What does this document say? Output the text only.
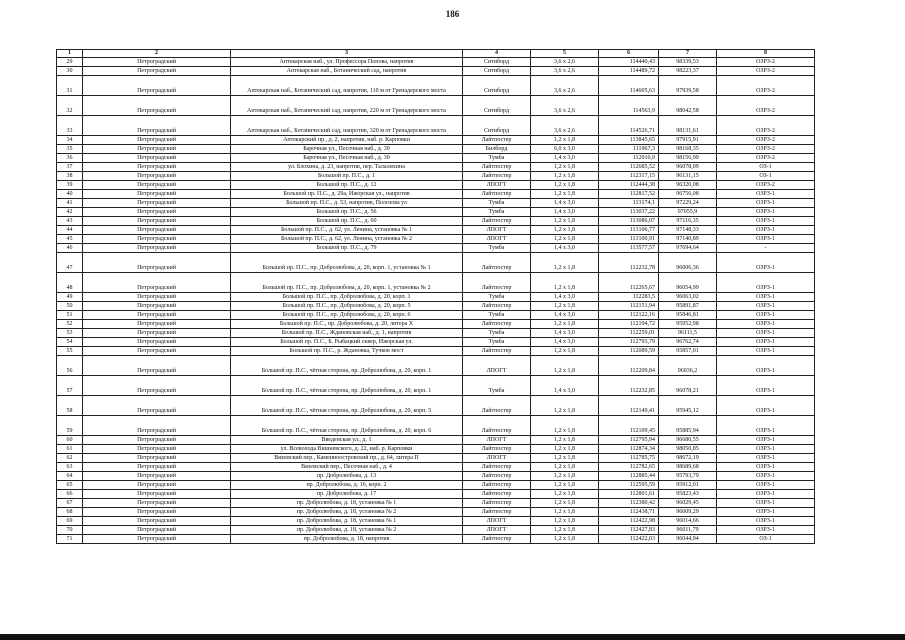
186
1	2	3	4	5	6	7	8
29	Петроградский	Аптекарская наб., ул. Профессора Попова, напротив	Ситиборд	3,6 x 2,6	114440,43	98339,53	ОЗРЗ-2
30	Петроградский	Аптекарская наб., Ботанический сад, напротив	Ситиборд	3,6 x 2,6	114489,72	98223,37	ОЗРЗ-2
31	Петроградский	Аптекарская наб., Ботанический сад, напротив, 110 м от Гренадерского моста	Ситиборд	3,6 x 2,6	114605,63	97939,58	ОЗРЗ-2
32	Петроградский	Аптекарская наб., Ботанический сад, напротив, 220 м от Гренадерского моста	Ситиборд	3,6 x 2,6	114563,9	98042,58	ОЗРЗ-2
33	Петроградский	Аптекарская наб., Ботанический сад, напротив, 320 м от Гренадерского моста	Ситиборд	3,6 x 2,6	114526,71	98131,61	ОЗРЗ-2
34	Петроградский	Аптекарский пр., д. 2, напротив, наб. р. Карповки	Лайтпостер	1,2 x 1,8	113845,65	97915,91	ОЗРЗ-2
35	Петроградский	Барочная ул., Песочная наб., д. 30	Билборд	6,0 x 3,0	111967,3	98168,35	ОЗРЗ-2
36	Петроградский	Барочная ул., Песочная наб., д. 30	Тумба	1,4 x 3,0	112010,9	98156,99	ОЗРЗ-2
37	Петроградский	ул. Блохина, д. 23, напротив, пер. Талалихина	Лайтпостер	1,2 x 1,8	112685,52	96078,09	ОЗ-1
38	Петроградский	Большой пр. П.С., д. 1	Лайтпостер	1,2 x 1,8	112317,15	96131,15	ОЗ-1
39	Петроградский	Большой пр. П.С., д. 12	ЛПОГТ	1,2 x 1,8	112444,38	96320,08	ОЗРЗ-2
40	Петроградский	Большой пр. П.С., д. 29а, Ижорская ул., напротив	Лайтпостер	1,2 x 1,8	112817,52	96756,08	ОЗРЗ-1
41	Петроградский	Большой пр. П.С., д. 53, напротив, Полозова ул	Тумба	1,4 x 3,0	113174,1	97229,24	ОЗРЗ-1
42	Петроградский	Большой пр. П.С., д. 56	Тумба	1,4 x 3,0	113037,22	97055,9	ОЗРЗ-1
43	Петроградский	Большой пр. П.С., д. 60	Лайтпостер	1,2 x 1,8	113086,07	97116,35	ОЗРЗ-1
44	Петроградский	Большой пр. П.С., д. 62, ул. Ленина, установка № 1	ЛПОГТ	1,2 x 1,8	113106,77	97148,33	ОЗРЗ-1
45	Петроградский	Большой пр. П.С., д. 62, ул. Ленина, установка № 2	ЛПОГТ	1,2 x 1,8	113100,91	97140,89	ОЗРЗ-1
46	Петроградский	Большой пр. П.С., д. 79	Тумба	1,4 x 3,0	113577,57	97694,64	-
47	Петроградский	Большой пр. П.С., пр. Добролюбова, д. 20, корп. 1, установка № 1	Лайтпостер	1,2 x 1,8	112232,78	96006,36	ОЗРЗ-1
48	Петроградский	Большой пр. П.С., пр. Добролюбова, д. 20, корп. 1, установка № 2	Лайтпостер	1,2 x 1,8	112265,67	96054,99	ОЗРЗ-1
49	Петроградский	Большой пр. П.С., пр. Добролюбова, д. 20, корп. 1	Тумба	1,4 x 3,0	112283,5	96063,02	ОЗРЗ-1
50	Петроградский	Большой пр. П.С., пр. Добролюбова, д. 20, корп. 5	Лайтпостер	1,2 x 1,8	112151,94	95891,87	ОЗРЗ-1
51	Петроградский	Большой пр. П.С., пр. Добролюбова, д. 20, корп. 6	Тумба	1,4 x 3,0	112122,16	95846,81	ОЗРЗ-1
52	Петроградский	Большой пр. П.С., пр. Добролюбова, д. 20, литера Х	Лайтпостер	1,2 x 1,8	112194,72	95952,98	ОЗРЗ-1
53	Петроградский	Большой пр. П.С., Ждановская наб., д. 1, напротив	Тумба	1,4 x 3,0	112259,01	96111,5	ОЗРЗ-1
54	Петроградский	Большой пр. П.С., Б. Рыбацкий сквер, Ижорская ул.	Тумба	1,4 x 3,0	112793,79	96762,74	ОЗРЗ-1
55	Петроградский	Большой пр. П.С., р. Ждановка, Тучков мост	Лайтпостер	1,2 x 1,8	112089,59	95857,01	ОЗРЗ-1
56	Петроградский	Большой пр. П.С., чётная сторона, пр. Добролюбова, д. 20, корп. 1	ЛПОГТ	1,2 x 1,8	112209,84	96036,2	ОЗРЗ-1
57	Петроградский	Большой пр. П.С., чётная сторона, пр. Добролюбова, д. 20, корп. 1	Тумба	1,4 x 3,0	112232,85	96078,21	ОЗРЗ-1
58	Петроградский	Большой пр. П.С., чётная сторона, пр. Добролюбова, д. 20, корп. 5	Лайтпостер	1,2 x 1,8	112149,41	95945,12	ОЗРЗ-1
59	Петроградский	Большой пр. П.С., чётная сторона, пр. Добролюбова, д. 20, корп. 6	Лайтпостер	1,2 x 1,8	112109,45	95885,94	ОЗРЗ-1
60	Петроградский	Введенская ул., д. 1	ЛПОГТ	1,2 x 1,8	112795,94	96680,55	ОЗРЗ-1
61	Петроградский	ул. Всеволода Вишневского, д. 22, наб. р. Карповки	Лайтпостер	1,2 x 1,8	112874,34	98050,85	ОЗРЗ-1
62	Петроградский	Вяземский пер., Каменноостровский пр., д. 64, литера П	ЛПОГТ	1,2 x 1,8	112785,75	98672,19	ОЗРЗ-1
63	Петроградский	Вяземский пер., Песочная наб., д. 4	Лайтпостер	1,2 x 1,8	112782,65	98689,68	ОЗРЗ-1
64	Петроградский	пр. Добролюбова, д. 13	Лайтпостер	1,2 x 1,8	112885,44	95793,79	ОЗРЗ-1
65	Петроградский	пр. Добролюбова, д. 16, корп. 2	Лайтпостер	1,2 x 1,8	112595,59	95912,01	ОЗРЗ-1
66	Петроградский	пр. Добролюбова, д. 17	Лайтпостер	1,2 x 1,8	112801,61	95823,43	ОЗРЗ-1
67	Петроградский	пр. Добролюбова, д. 18, установка № 1	Лайтпостер	1,2 x 1,8	112380,42	96029,45	ОЗРЗ-1
68	Петроградский	пр. Добролюбова, д. 18, установка № 2	Лайтпостер	1,2 x 1,8	112438,71	96009,29	ОЗРЗ-1
69	Петроградский	пр. Добролюбова, д. 18, установка № 1	ЛПОГТ	1,2 x 1,8	112422,98	96014,66	ОЗРЗ-1
70	Петроградский	пр. Добролюбова, д. 18, установка № 2	ЛПОГТ	1,2 x 1,8	112427,83	96011,79	ОЗРЗ-1
71	Петроградский	пр. Добролюбова, д. 18, напротив	Лайтпостер	1,2 x 1,8	112422,03	96044,94	ОЗ-1
